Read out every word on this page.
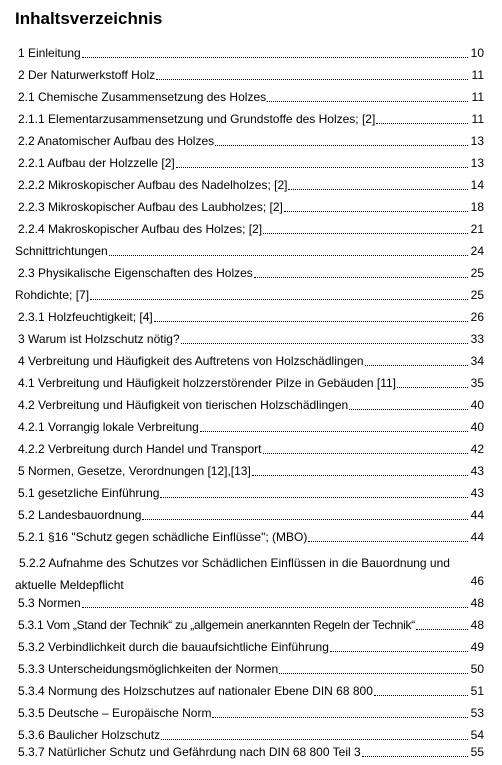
Inhaltsverzeichnis
1 Einleitung	10
2 Der Naturwerkstoff Holz	11
2.1 Chemische Zusammensetzung des Holzes	11
2.1.1 Elementarzusammensetzung und Grundstoffe des Holzes; [2]	11
2.2 Anatomischer Aufbau des Holzes	13
2.2.1 Aufbau der Holzzelle [2]	13
2.2.2 Mikroskopischer Aufbau des Nadelholzes; [2]	14
2.2.3 Mikroskopischer Aufbau des Laubholzes; [2]	18
2.2.4 Makroskopischer Aufbau des Holzes; [2]	21
Schnittrichtungen	24
2.3 Physikalische Eigenschaften des Holzes	25
Rohdichte; [7]	25
2.3.1 Holzfeuchtigkeit; [4]	26
3 Warum ist Holzschutz nötig?	33
4 Verbreitung und Häufigkeit des Auftretens von Holzschädlingen	34
4.1 Verbreitung und Häufigkeit holzzerstörender Pilze in Gebäuden [11]	35
4.2 Verbreitung und Häufigkeit von tierischen Holzschädlingen	40
4.2.1 Vorrangig lokale Verbreitung	40
4.2.2 Verbreitung durch Handel und Transport	42
5 Normen, Gesetze, Verordnungen [12],[13]	43
5.1 gesetzliche Einführung	43
5.2 Landesbauordnung	44
5.2.1 §16 "Schutz gegen schädliche Einflüsse"; (MBO)	44
5.2.2 Aufnahme des Schutzes vor Schädlichen Einflüssen in die Bauordnung und aktuelle Meldepflicht	46
5.3 Normen	48
5.3.1 Vom „Stand der Technik“ zu „allgemein anerkannten Regeln der Technik“	48
5.3.2 Verbindlichkeit durch die bauaufsichtliche Einführung	49
5.3.3 Unterscheidungsmöglichkeiten der Normen	50
5.3.4 Normung des Holzschutzes auf nationaler Ebene DIN 68 800	51
5.3.5 Deutsche – Europäische Norm	53
5.3.6 Baulicher Holzschutz	54
5.3.7 Natürlicher Schutz und Gefährdung nach DIN 68 800 Teil 3	55
